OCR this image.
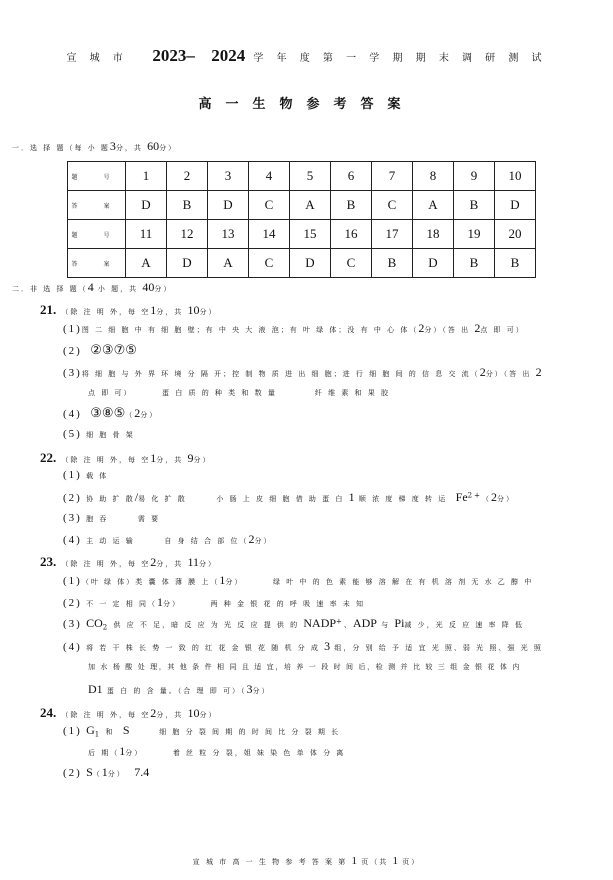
宣 城 市 2023– 2024 学 年 度 第 一 学 期 期 末 调 研 测 试
高一生物参考答案
一．选 择 题（每 小 题3分，共 60分）
题 号	1	2	3	4	5	6	7	8	9	10
答 案	D	B	D	C	A	B	C	A	B	D
题 号	11	12	13	14	15	16	17	18	19	20
答 案	A	D	A	C	D	C	B	D	B	B
二．非 选 择 题（4 小 题，共 40分）
21. （除 注 明 外，每 空1分，共 10分）
(1)图 二 细 胞 中 有 细 胞 壁；有 中 央 大 液 泡；有 叶 绿 体；没 有 中 心 体（2分）（答 出 2点 即 可）
(2) ②③⑦⑤
(3)将 细 胞 与 外 界 环 境 分 隔 开；控 制 物 质 进 出 细 胞；进 行 细 胞 间 的 信 息 交 流（2分）（答 出 2
点 即 可）	蛋 白 质 的 种 类 和 数 量	纤 维 素 和 果 胶
(4) ③⑧⑤（2分）
(5) 细 胞 骨 架
22. （除 注 明 外，每 空1分，共 9分）
(1) 载 体
(2) 协 助 扩 散/易 化 扩 散	小 肠 上 皮 细 胞 借 助 蛋 白 1 顺 浓 度 梯 度 转 运 $Fe^{2+}(2$分）
(3) 胞 吞	需 要
(4) 主 动 运 输	自 身 结 合 部 位（2分）
23. （除 注 明 外，每 空2分，共 11分）
(1)（叶 绿 体）类 囊 体 薄 膜 上（1分）	绿 叶 中 的 色 素 能 够 溶 解 在 有 机 溶 剂 无 水 乙 醇 中
(2) 不 一 定 相 同（1分）	两 种 金 银 花 的 呼 吸 速 率 未 知
(3) $CO_2$ 供 应 不 足，暗 反 应 为 光 反 应 提 供 的 NADP+、ADP 与 Pi减 少，光 反 应 速 率 降 低
(4) 将 若 干 株 长 势 一 致 的 红 花 金 银 花 随 机 分 成 3 组，分 别 给 予 适 宜 光 照、弱 光 照、强 光 照
加 水 杨 酸 处 理，其 他 条 件 相 同 且 适 宜，培 养 一 段 时 间 后，检 测 并 比 较 三 组 金 银 花 体 内
D1 蛋 白 的 含 量。（合 理 即 可）（3分）
24. （除 注 明 外，每 空2分，共 10分）
(1) $G_1$ 和 S	细 胞 分 裂 间 期 的 时 间 比 分 裂 期 长
后 期（1分）	着 丝 粒 分 裂，姐 妹 染 色 单 体 分 离
(2) S（1分） 7.4
宣 城 市 高 一 生 物 参 考 答 案 第 1 页（共 1 页）
